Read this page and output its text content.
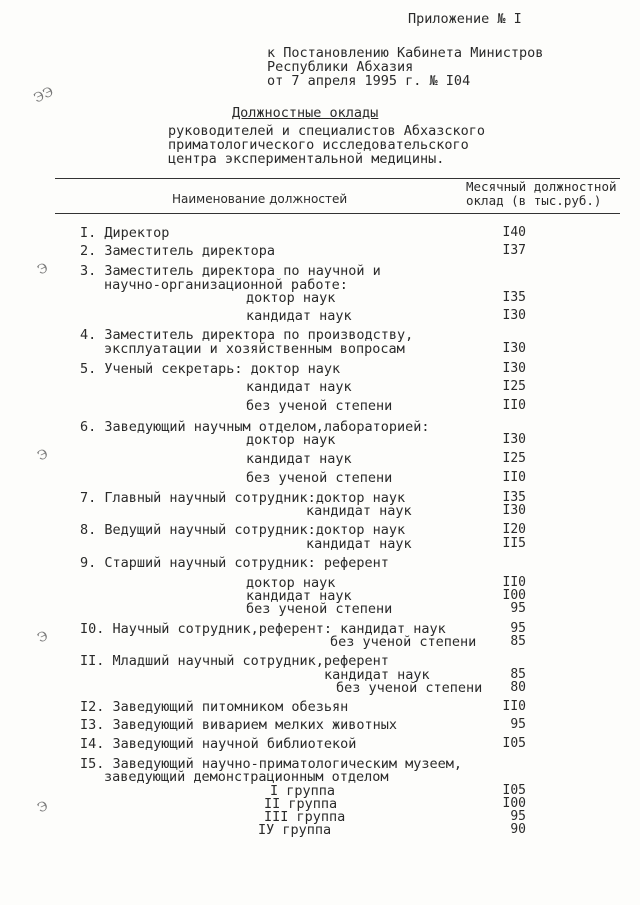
Приложение № I
к Постановлению Кабинета Министров
Республики Абхазия
от 7 апреля 1995 г. № I04
Должностные оклады
руководителей и специалистов Абхазского
приматологического исследовательского
центра экспериментальной медицины.
Наименование должностей
Месячный должностной
оклад (в тыс.руб.)
I. Директор	I40
2. Заместитель директора	I37
3. Заместитель директора по научной и
научно-организационной работе:
доктор наук	I35
кандидат наук	I30
4. Заместитель директора по производству,
эксплуатации и хозяйственным вопросам	I30
5. Ученый секретарь: доктор наук	I30
кандидат наук	I25
без ученой степени	II0
6. Заведующий научным отделом,лабораторией:
доктор наук	I30
кандидат наук	I25
без ученой степени	II0
7. Главный научный сотрудник:доктор наук	I35
кандидат наук	I30
8. Ведущий научный сотрудник:доктор наук	I20
кандидат наук	II5
9. Старший научный сотрудник: референт
доктор наук	II0
кандидат наук	I00
без ученой степени	95
I0. Научный сотрудник,референт: кандидат наук	95
без ученой степени	85
II. Младший научный сотрудник,референт
кандидат наук	85
без ученой степени	80
I2. Заведующий питомником обезьян	II0
I3. Заведующий виварием мелких животных	95
I4. Заведующий научной библиотекой	I05
I5. Заведующий научно-приматологическим музеем,
заведующий демонстрационным отделом
I группа	I05
II группа	I00
III группа	95
IУ группа	90
ЭЭ
Э
Э
Э
Э
